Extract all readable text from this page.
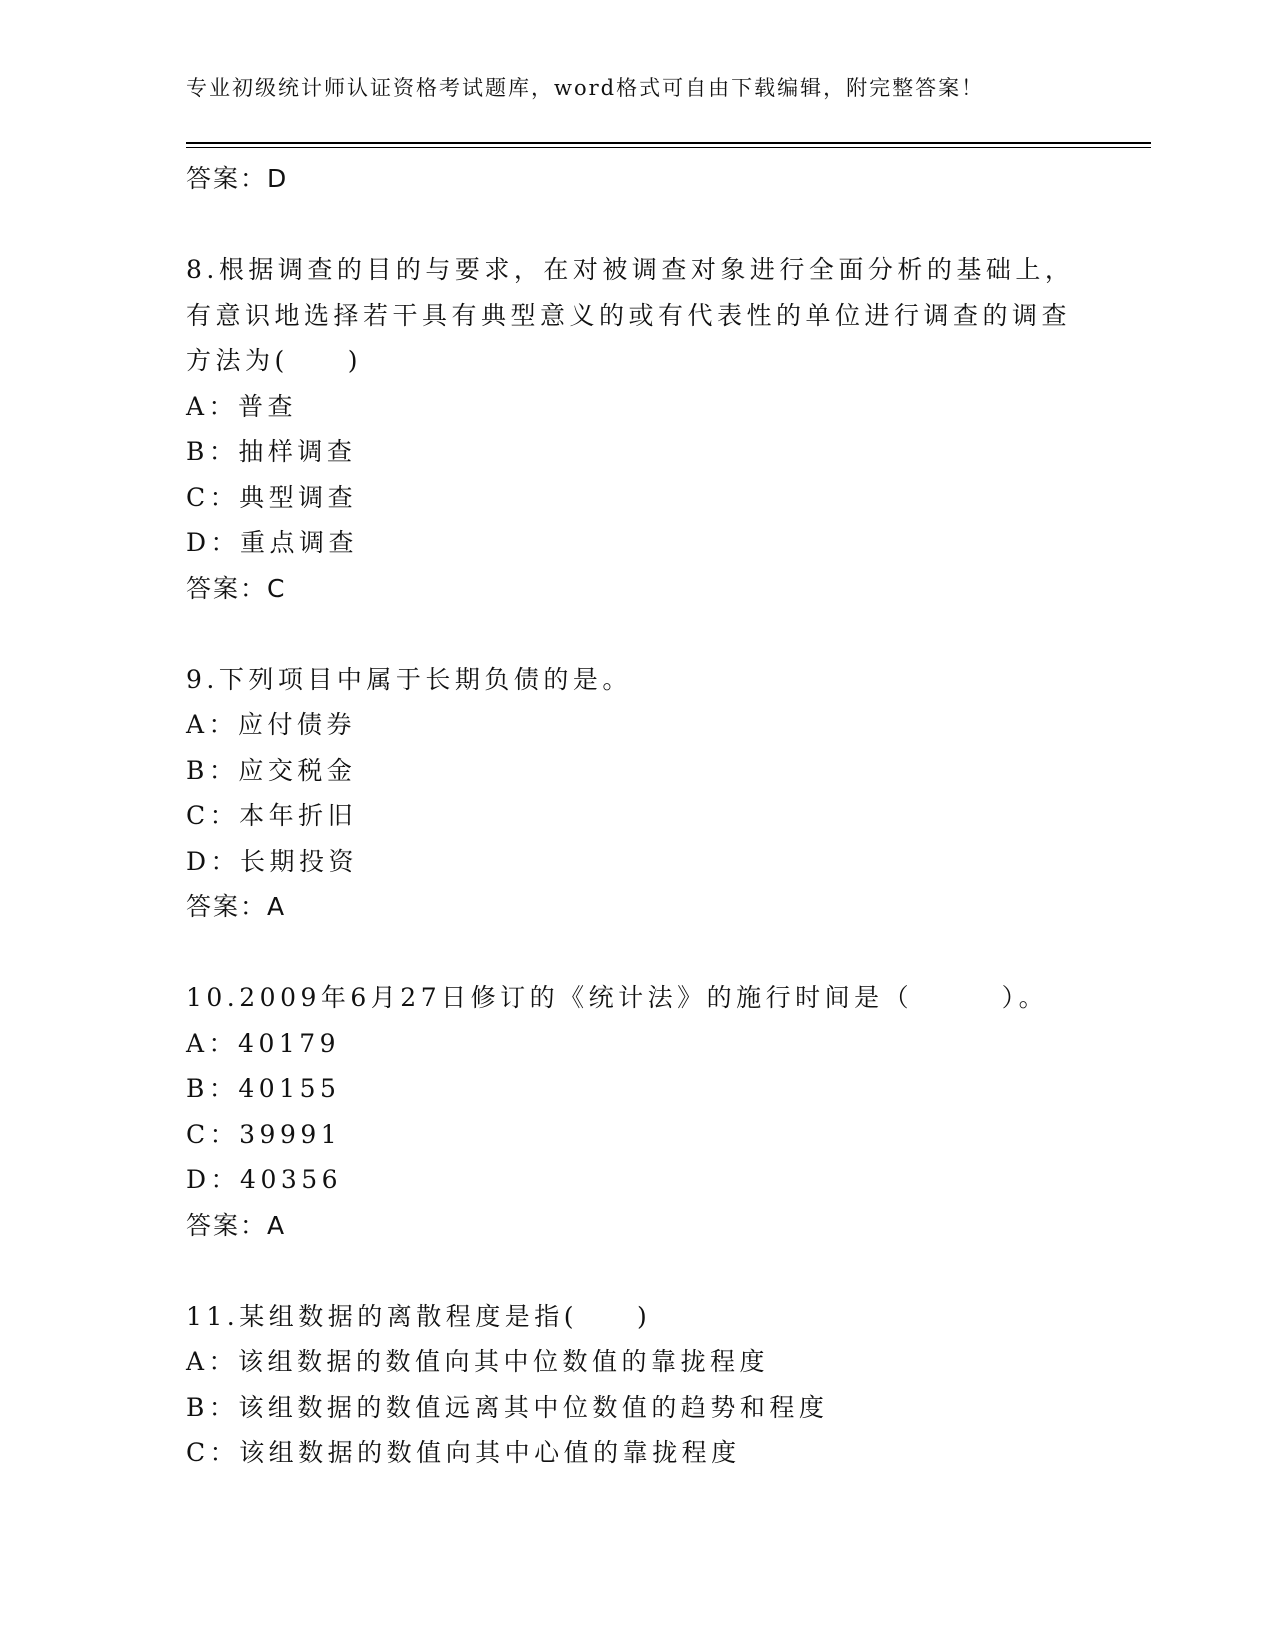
专业初级统计师认证资格考试题库，word格式可自由下载编辑，附完整答案！
答案：D
8.根据调查的目的与要求，在对被调查对象进行全面分析的基础上，
有意识地选择若干具有典型意义的或有代表性的单位进行调查的调查
方法为(　　)
A：普查
B：抽样调查
C：典型调查
D：重点调查
答案：C
9.下列项目中属于长期负债的是。
A：应付债券
B：应交税金
C：本年折旧
D：长期投资
答案：A
10.2009年6月27日修订的《统计法》的施行时间是（　　　）。
A：40179
B：40155
C：39991
D：40356
答案：A
11.某组数据的离散程度是指(　　)
A：该组数据的数值向其中位数值的靠拢程度
B：该组数据的数值远离其中位数值的趋势和程度
C：该组数据的数值向其中心值的靠拢程度
